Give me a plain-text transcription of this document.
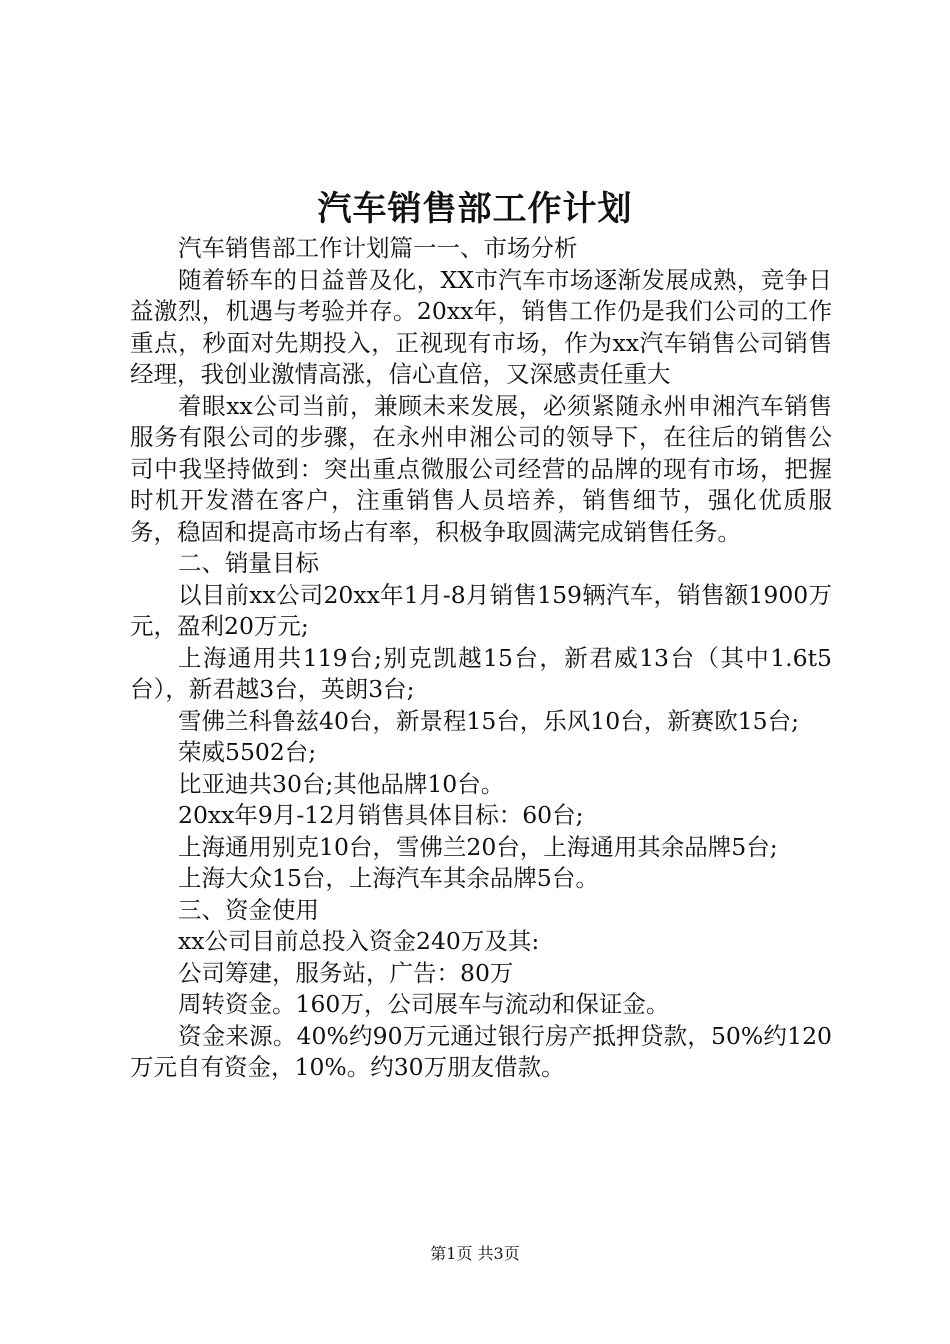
汽车销售部工作计划

汽车销售部工作计划篇一一、市场分析

随着轿车的日益普及化，XX市汽车市场逐渐发展成熟，竞争日益激烈，机遇与考验并存。20xx年，销售工作仍是我们公司的工作重点，秒面对先期投入，正视现有市场，作为xx汽车销售公司销售经理，我创业激情高涨，信心直倍，又深感责任重大

着眼xx公司当前，兼顾未来发展，必须紧随永州申湘汽车销售服务有限公司的步骤，在永州申湘公司的领导下，在往后的销售公司中我坚持做到：突出重点微服公司经营的品牌的现有市场，把握时机开发潜在客户，注重销售人员培养，销售细节，强化优质服务，稳固和提高市场占有率，积极争取圆满完成销售任务。

二、销量目标

以目前xx公司20xx年1月-8月销售159辆汽车，销售额1900万元，盈利20万元;

上海通用共119台;别克凯越15台，新君威13台（其中1.6t5台），新君越3台，英朗3台;

雪佛兰科鲁兹40台，新景程15台，乐风10台，新赛欧15台;

荣威5502台;

比亚迪共30台;其他品牌10台。

20xx年9月-12月销售具体目标：60台;

上海通用别克10台，雪佛兰20台，上海通用其余品牌5台;

上海大众15台，上海汽车其余品牌5台。

三、资金使用

xx公司目前总投入资金240万及其:

公司筹建，服务站，广告：80万

周转资金。160万，公司展车与流动和保证金。

资金来源。40%约90万元通过银行房产抵押贷款，50%约120万元自有资金，10%。约30万朋友借款。

第1页 共3页
